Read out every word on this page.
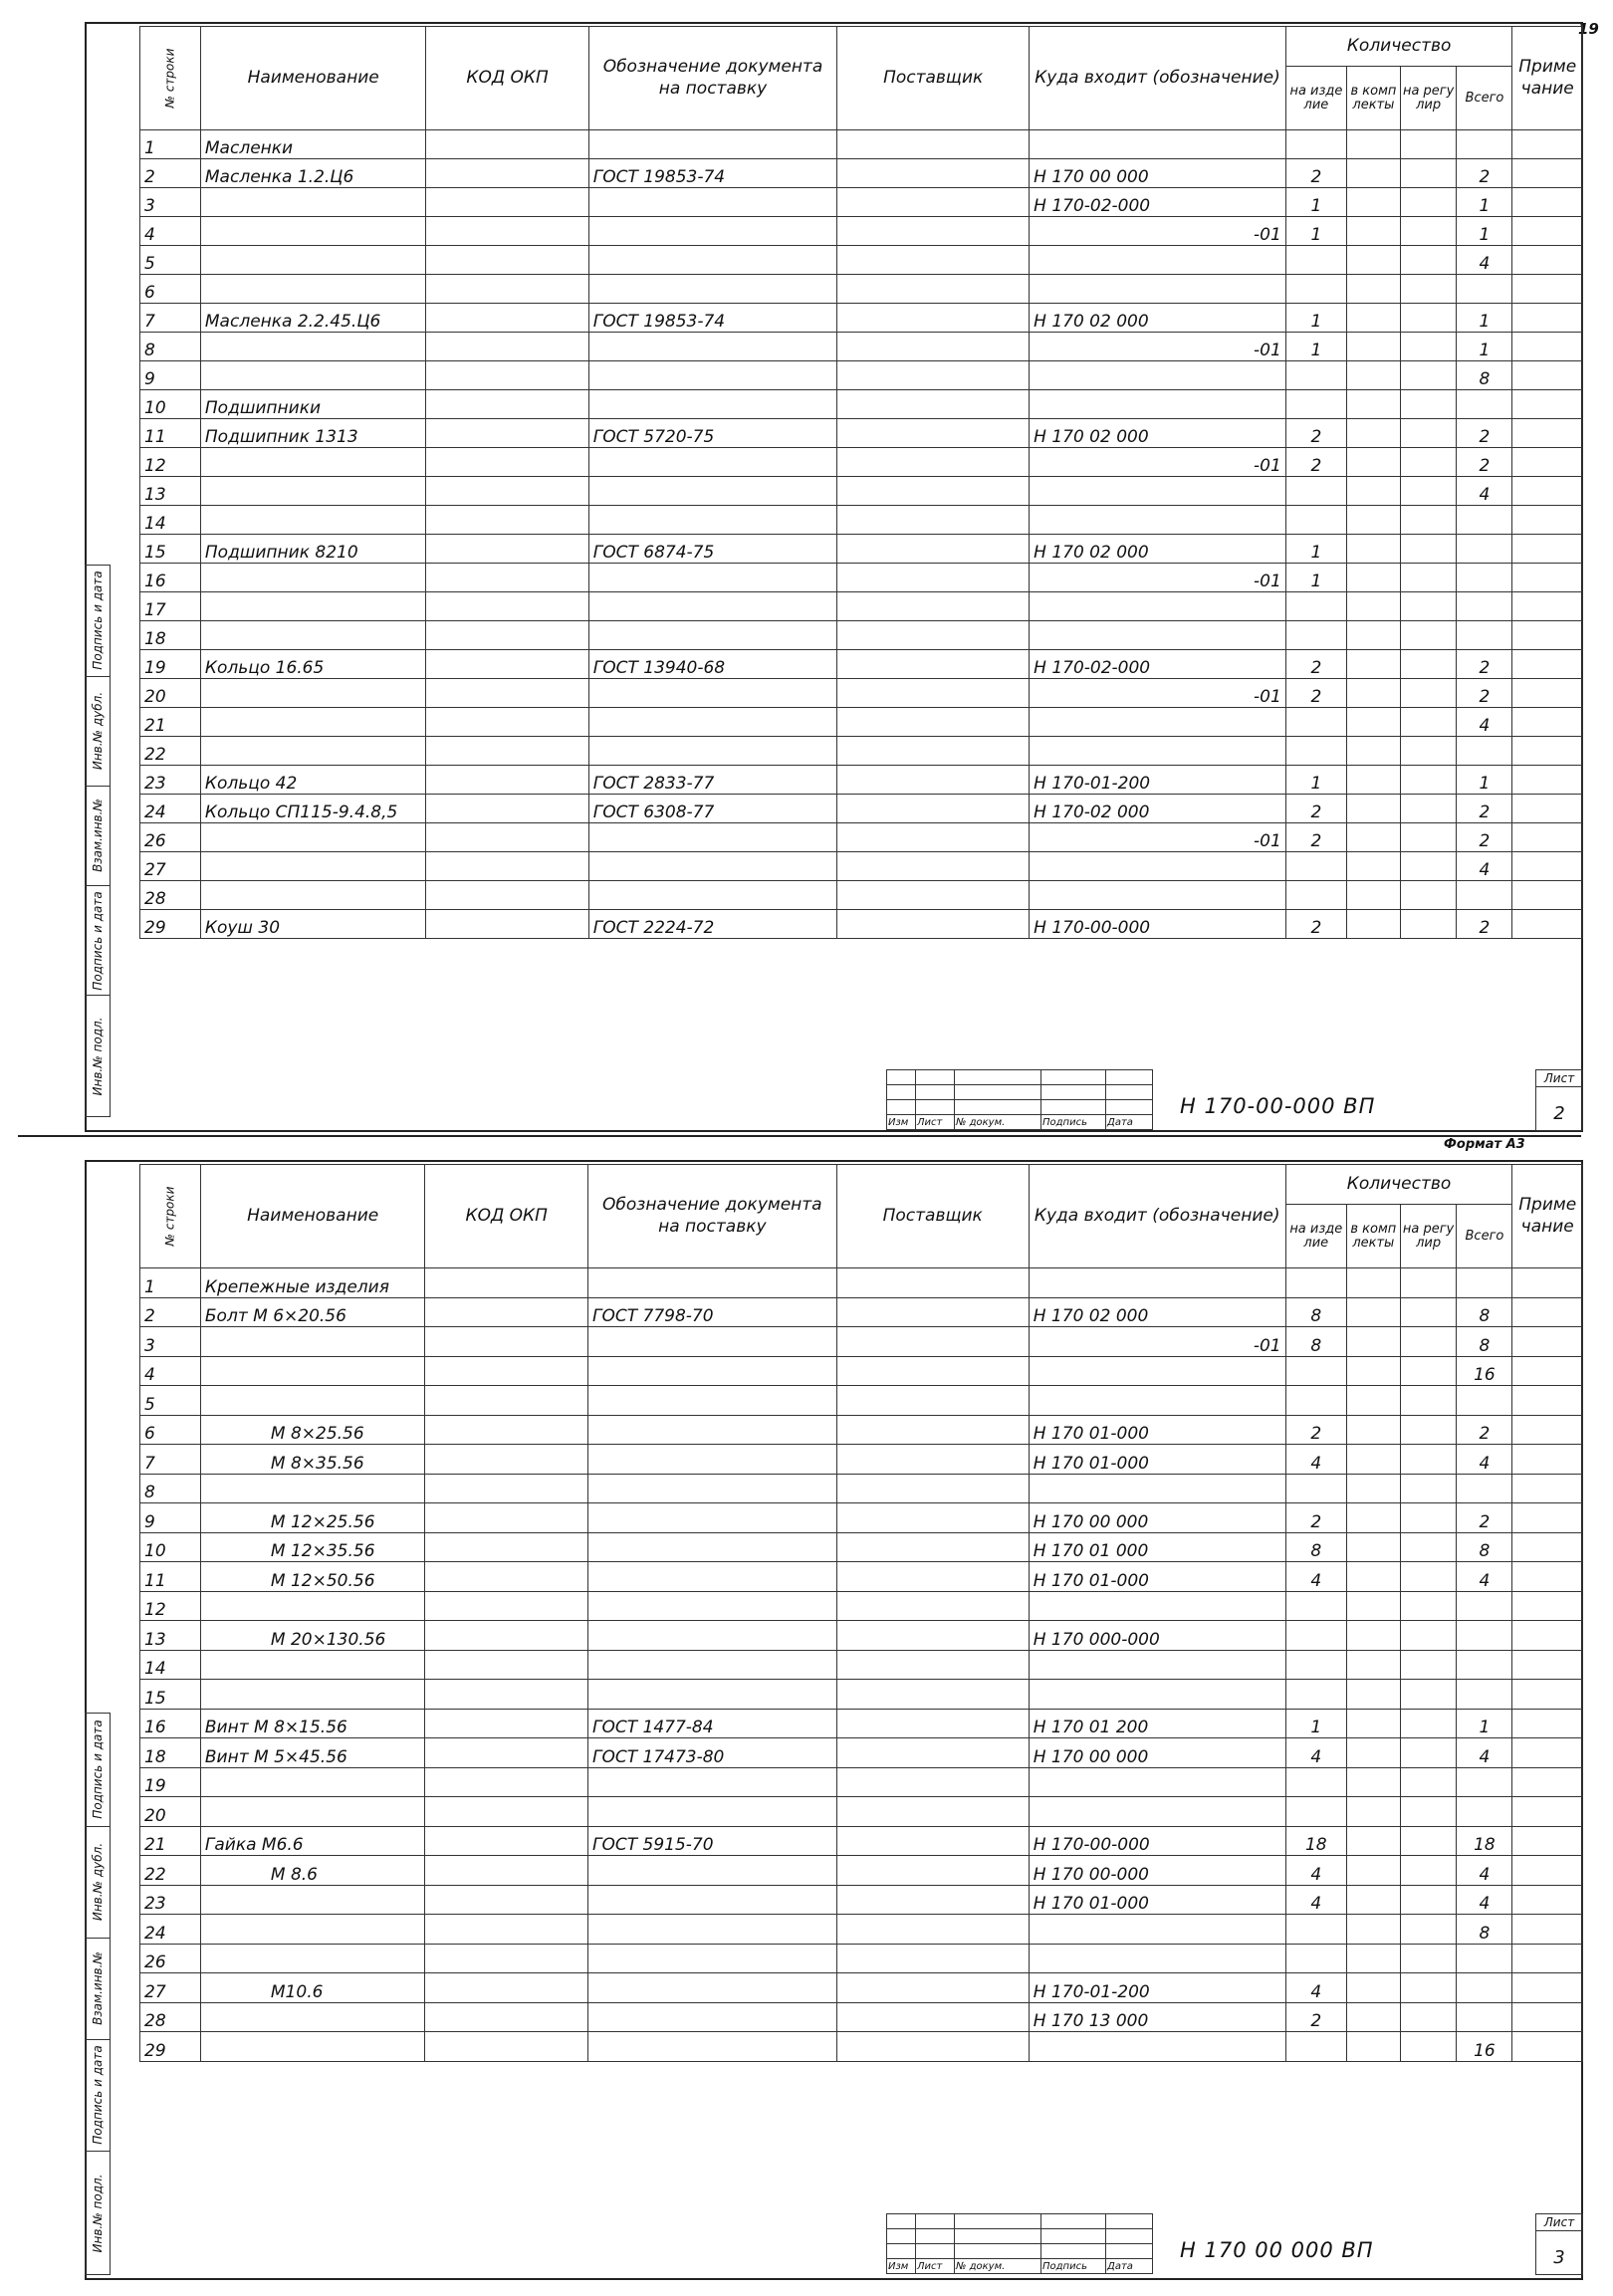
19
№ строки	Наименование	КОД ОКП	Обозначение документа на поставку	Поставщик	Куда входит (обозначение)	Количество				Приме чание
						на изде лие	в комп лекты	на регу лир	Всего	
1	Масленки									
2	Масленка 1.2.Ц6		ГОСТ 19853-74		Н 170 00 000	2			2	
3					Н 170-02-000	1			1	
4					-01	1			1	
5									4	
6										
7	Масленка 2.2.45.Ц6		ГОСТ 19853-74		Н 170 02 000	1			1	
8					-01	1			1	
9									8	
10	Подшипники									
11	Подшипник 1313		ГОСТ 5720-75		Н 170 02 000	2			2	
12					-01	2			2	
13									4	
14										
15	Подшипник 8210		ГОСТ 6874-75		Н 170 02 000	1				
16					-01	1				
17										
18										
19	Кольцо 16.65		ГОСТ 13940-68		Н 170-02-000	2			2	
20					-01	2			2	
21									4	
22										
23	Кольцо 42		ГОСТ 2833-77		Н 170-01-200	1			1	
24	Кольцо СП115-9.4.8,5		ГОСТ 6308-77		Н 170-02 000	2			2	
26					-01	2			2	
27									4	
28										
29	Коуш 30		ГОСТ 2224-72		Н 170-00-000	2			2	
Подпись и дата
Инв.№ дубл.
Взам.инв.№
Подпись и дата
Инв.№ подл.

Изм	Лист	№ докум.	Подпись	Дата
Н 170-00-000 ВП
Лист
2
Формат А3
№ строки	Наименование	КОД ОКП	Обозначение документа на поставку	Поставщик	Куда входит (обозначение)	Количество				Приме чание
						на изде лие	в комп лекты	на регу лир	Всего	
1	Крепежные изделия									
2	Болт М 6×20.56		ГОСТ 7798-70		Н 170 02 000	8			8	
3					-01	8			8	
4									16	
5										
6	М 8×25.56				Н 170 01-000	2			2	
7	М 8×35.56				Н 170 01-000	4			4	
8										
9	М 12×25.56				Н 170 00 000	2			2	
10	М 12×35.56				Н 170 01 000	8			8	
11	М 12×50.56				Н 170 01-000	4			4	
12										
13	М 20×130.56				Н 170 000-000					
14										
15										
16	Винт М 8×15.56		ГОСТ 1477-84		Н 170 01 200	1			1	
18	Винт М 5×45.56		ГОСТ 17473-80		Н 170 00 000	4			4	
19										
20										
21	Гайка М6.6		ГОСТ 5915-70		Н 170-00-000	18			18	
22	М 8.6				Н 170 00-000	4			4	
23					Н 170 01-000	4			4	
24									8	
26										
27	М10.6				Н 170-01-200	4				
28					Н 170 13 000	2				
29									16	
Подпись и дата
Инв.№ дубл.
Взам.инв.№
Подпись и дата
Инв.№ подл.

Изм	Лист	№ докум.	Подпись	Дата
Н 170 00 000 ВП
Лист
3
